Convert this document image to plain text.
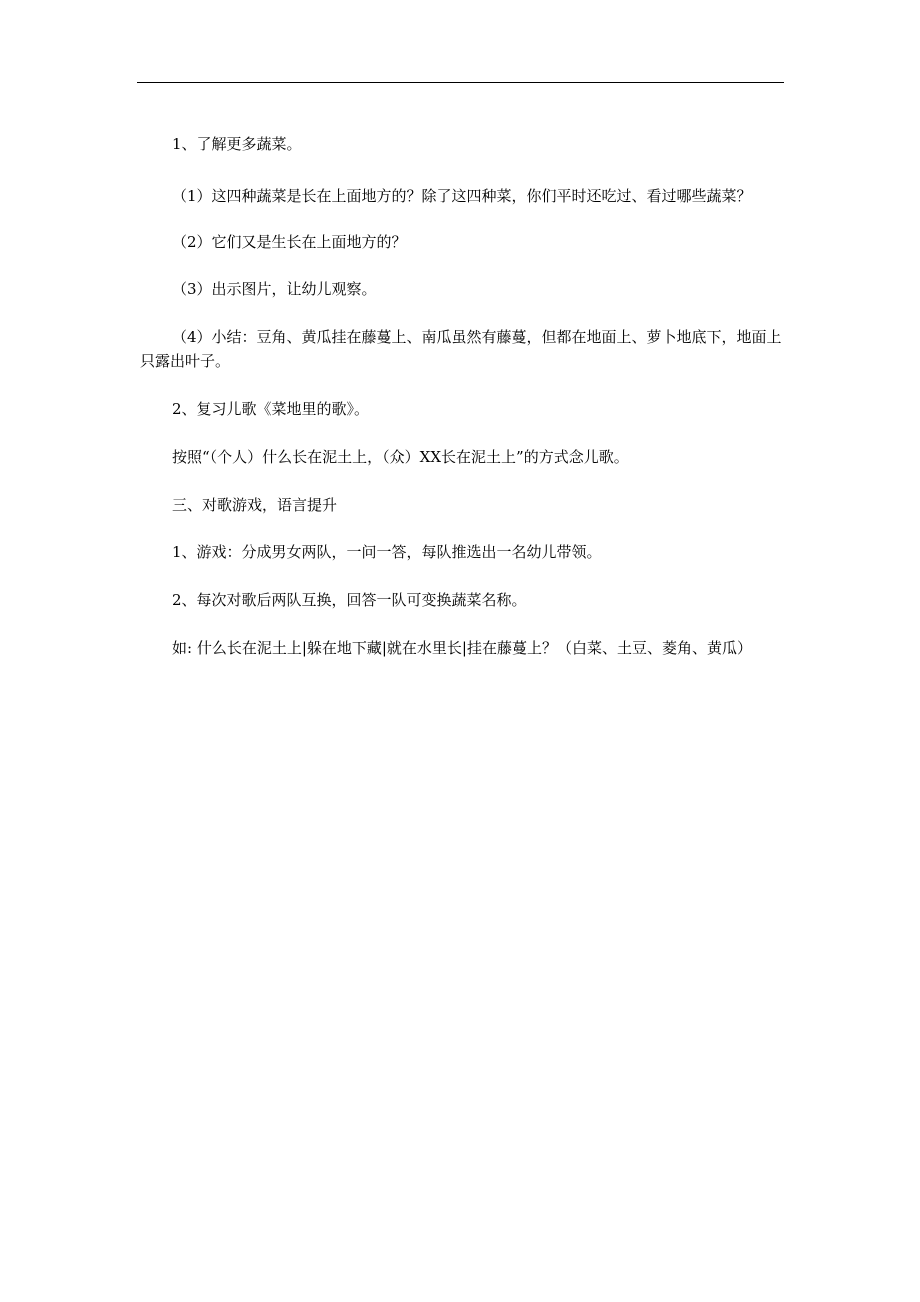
1、了解更多蔬菜。

（1）这四种蔬菜是长在上面地方的？除了这四种菜，你们平时还吃过、看过哪些蔬菜？

（2）它们又是生长在上面地方的？

（3）出示图片，让幼儿观察。

（4）小结：豆角、黄瓜挂在藤蔓上、南瓜虽然有藤蔓，但都在地面上、萝卜地底下，地面上只露出叶子。

2、复习儿歌《菜地里的歌》。

按照“（个人）什么长在泥土上，（众）XX长在泥土上”的方式念儿歌。

三、对歌游戏，语言提升

1、游戏：分成男女两队，一问一答，每队推选出一名幼儿带领。

2、每次对歌后两队互换，回答一队可变换蔬菜名称。

如: 什么长在泥土上|躲在地下藏|就在水里长|挂在藤蔓上？（白菜、土豆、菱角、黄瓜）
